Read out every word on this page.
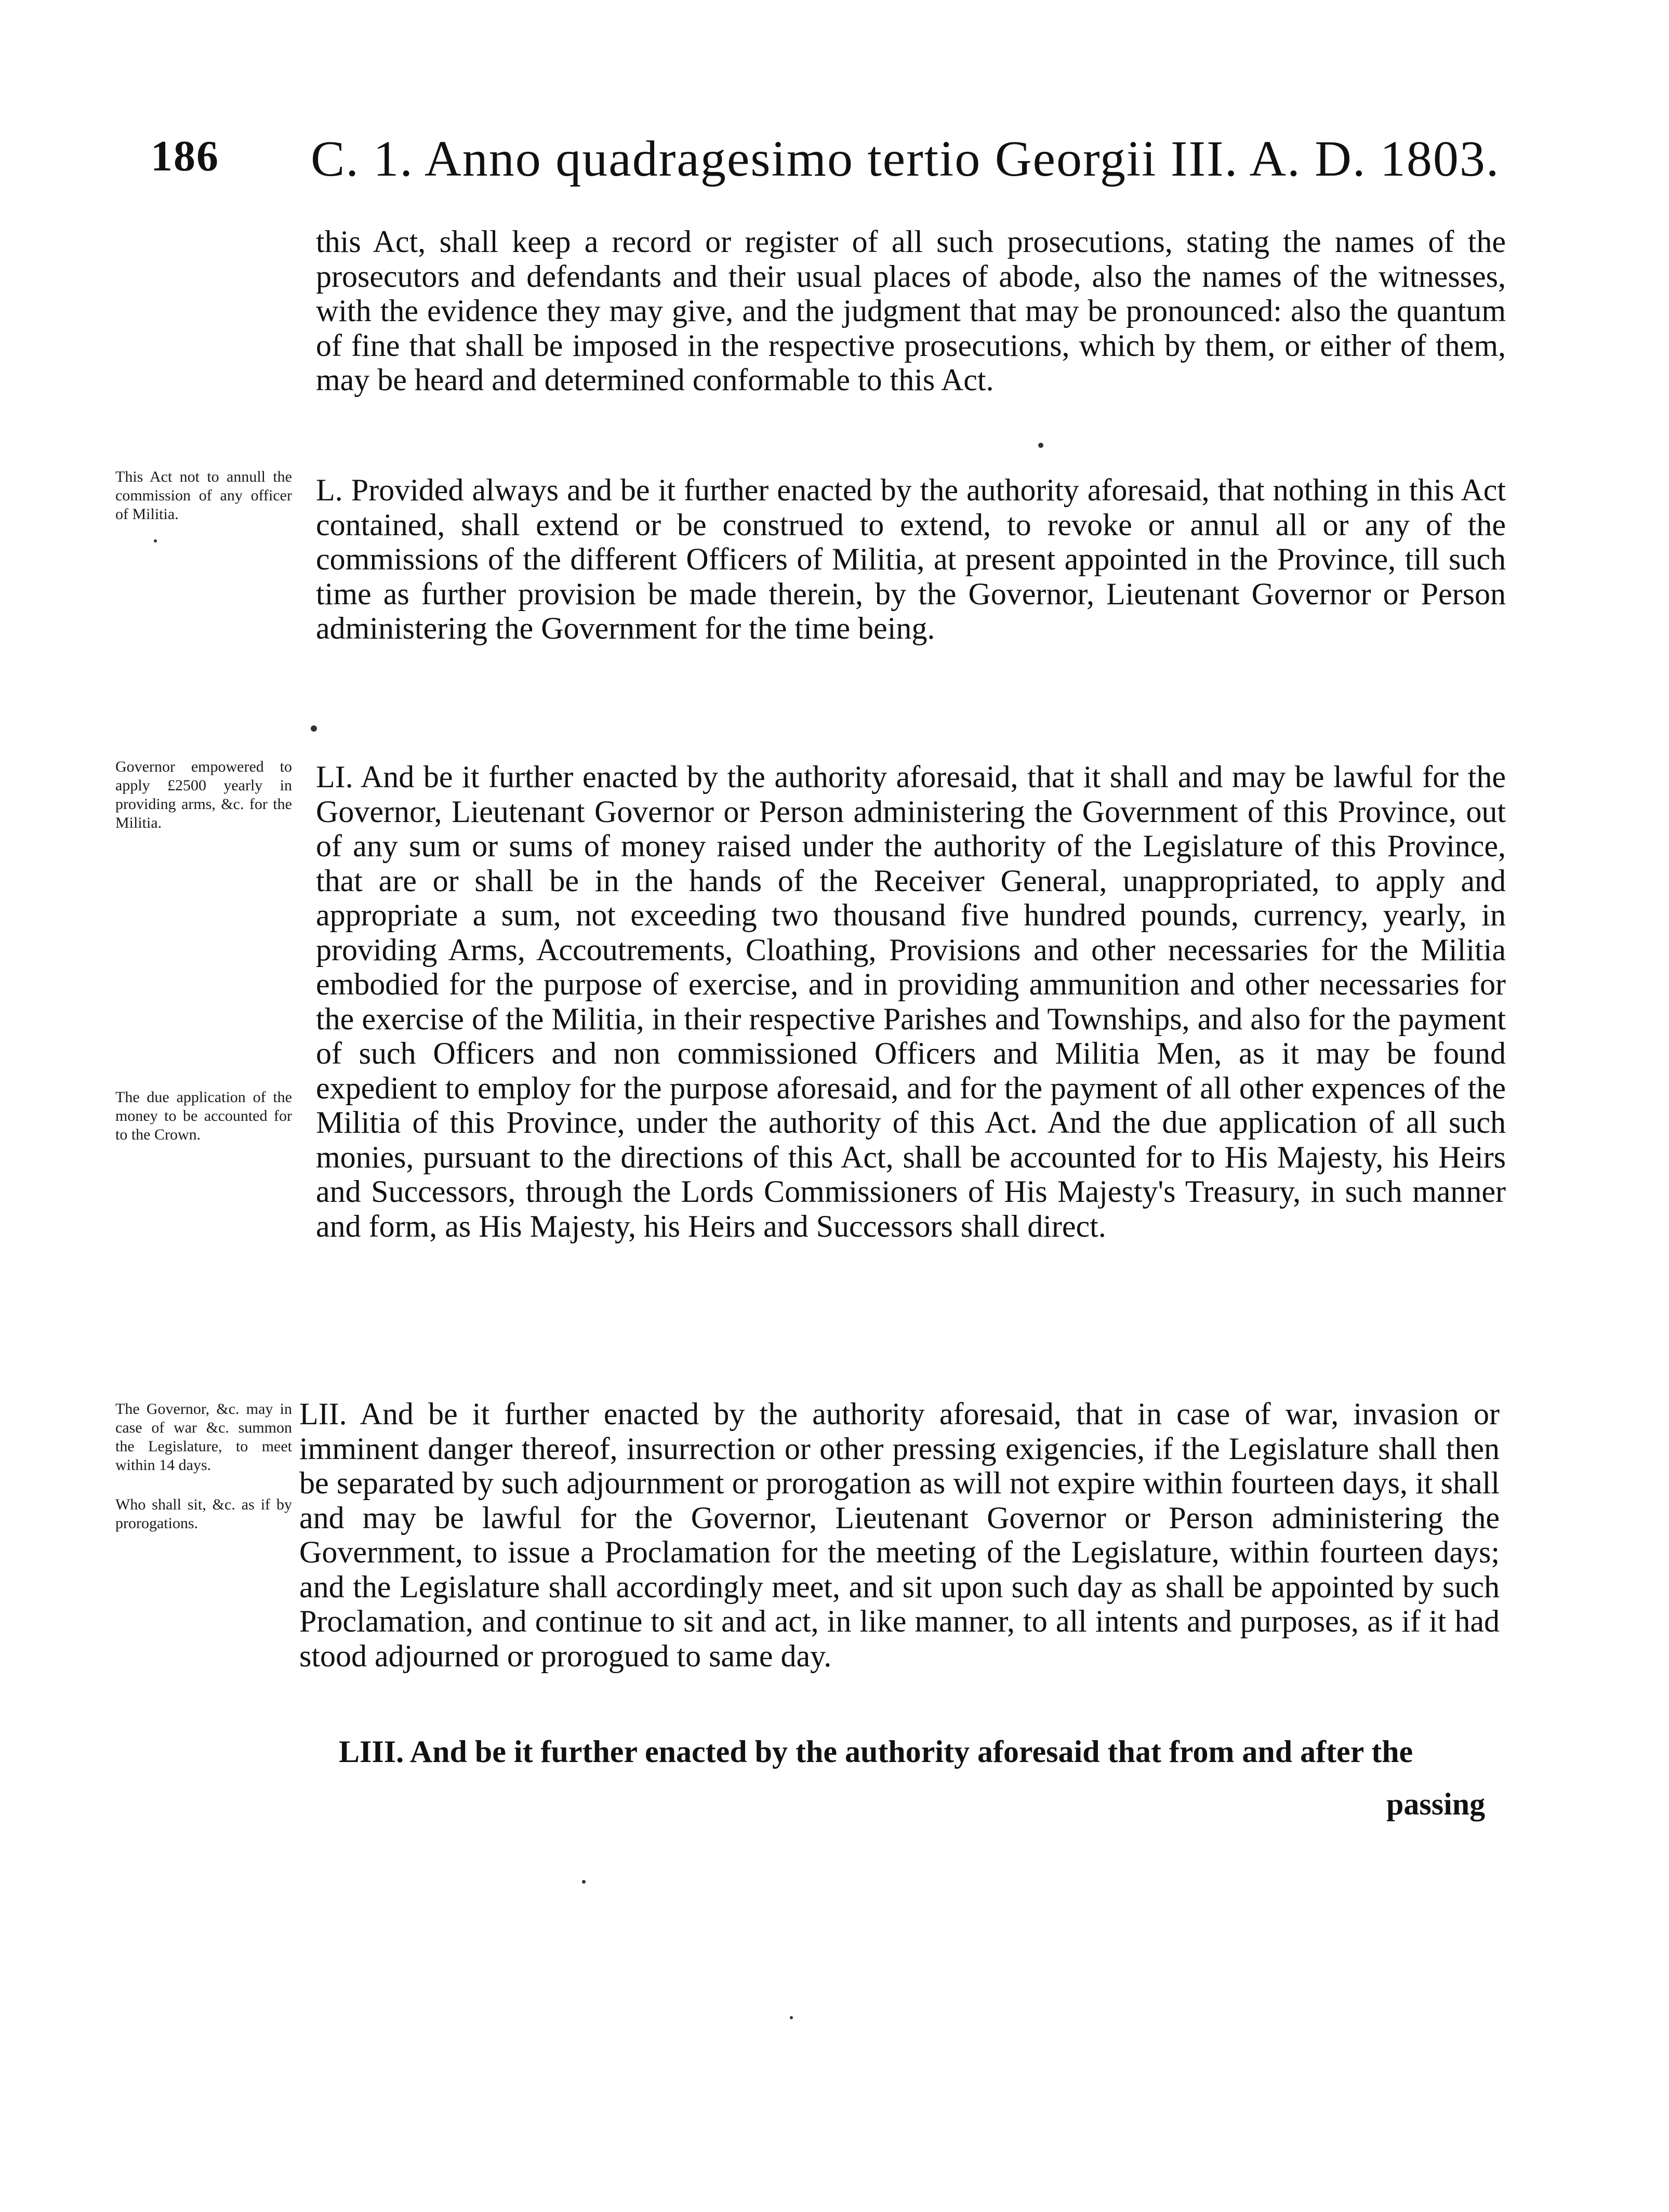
186 C. 1. Anno quadragesimo tertio Georgii III. A. D. 1803.
this Act, shall keep a record or register of all such prosecutions, stating the names of the prosecutors and defendants and their usual places of abode, also the names of the witnesses, with the evidence they may give, and the judgment that may be pronounced: also the quantum of fine that shall be imposed in the respective prosecutions, which by them, or either of them, may be heard and determined conformable to this Act.
L. Provided always and be it further enacted by the authority aforesaid, that nothing in this Act contained, shall extend or be construed to extend, to revoke or annul all or any of the commissions of the different Officers of Militia, at present appointed in the Province, till such time as further provision be made therein, by the Governor, Lieutenant Governor or Person administering the Government for the time being.
LI. And be it further enacted by the authority aforesaid, that it shall and may be lawful for the Governor, Lieutenant Governor or Person administering the Government of this Province, out of any sum or sums of money raised under the authority of the Legislature of this Province, that are or shall be in the hands of the Receiver General, unappropriated, to apply and appropriate a sum, not exceeding two thousand five hundred pounds, currency, yearly, in providing Arms, Accoutrements, Cloathing, Provisions and other necessaries for the Militia embodied for the purpose of exercise, and in providing ammunition and other necessaries for the exercise of the Militia, in their respective Parishes and Townships, and also for the payment of such Officers and non commissioned Officers and Militia Men, as it may be found expedient to employ for the purpose aforesaid, and for the payment of all other expences of the Militia of this Province, under the authority of this Act. And the due application of all such monies, pursuant to the directions of this Act, shall be accounted for to His Majesty, his Heirs and Successors, through the Lords Commissioners of His Majesty's Treasury, in such manner and form, as His Majesty, his Heirs and Successors shall direct.
LII. And be it further enacted by the authority aforesaid, that in case of war, invasion or imminent danger thereof, insurrection or other pressing exigencies, if the Legislature shall then be separated by such adjournment or prorogation as will not expire within fourteen days, it shall and may be lawful for the Governor, Lieutenant Governor or Person administering the Government, to issue a Proclamation for the meeting of the Legislature, within fourteen days; and the Legislature shall accordingly meet, and sit upon such day as shall be appointed by such Proclamation, and continue to sit and act, in like manner, to all intents and purposes, as if it had stood adjourned or prorogued to same day.
LIII. And be it further enacted by the authority aforesaid that from and after the
passing
This Act not to annull the commission of any officer of Militia.
Governor empowered to apply £2500 yearly in providing arms, &c. for the Militia.
The due application of the money to be accounted for to the Crown.
The Governor, &c. may in case of war &c. summon the Legislature, to meet within 14 days.
Who shall sit, &c. as if by prorogations.
